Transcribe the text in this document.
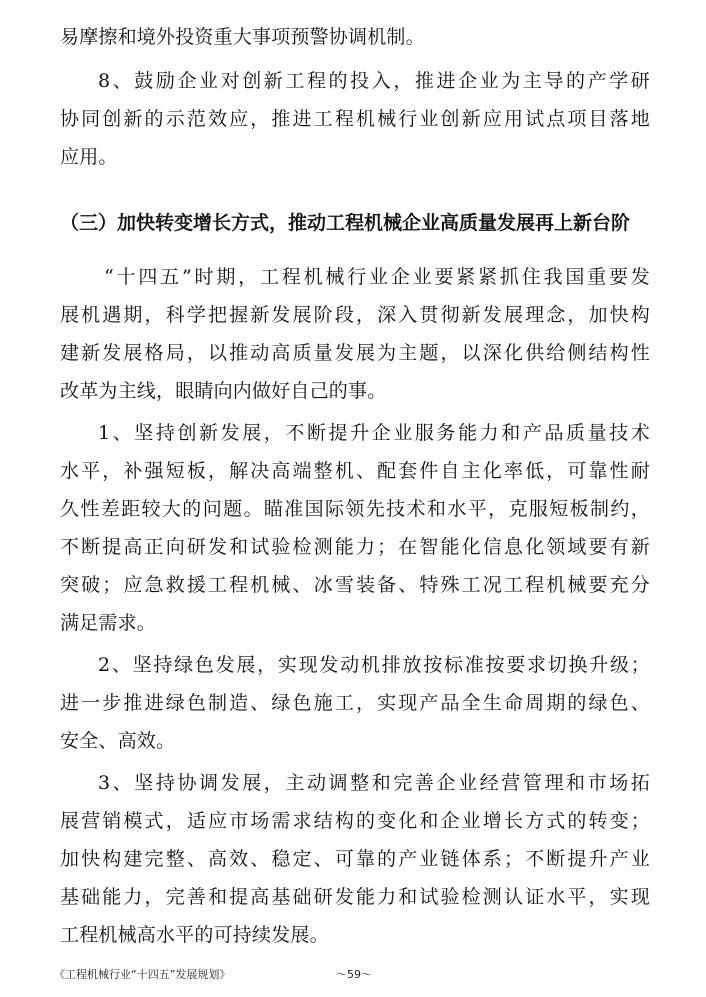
易摩擦和境外投资重大事项预警协调机制。
8、鼓励企业对创新工程的投入，推进企业为主导的产学研
协同创新的示范效应，推进工程机械行业创新应用试点项目落地
应用。
（三）加快转变增长方式，推动工程机械企业高质量发展再上新台阶
“十四五”时期，工程机械行业企业要紧紧抓住我国重要发
展机遇期，科学把握新发展阶段，深入贯彻新发展理念，加快构
建新发展格局，以推动高质量发展为主题，以深化供给侧结构性
改革为主线，眼睛向内做好自己的事。
1、坚持创新发展，不断提升企业服务能力和产品质量技术
水平，补强短板，解决高端整机、配套件自主化率低，可靠性耐
久性差距较大的问题。瞄准国际领先技术和水平，克服短板制约，
不断提高正向研发和试验检测能力；在智能化信息化领域要有新
突破；应急救援工程机械、冰雪装备、特殊工况工程机械要充分
满足需求。
2、坚持绿色发展，实现发动机排放按标准按要求切换升级；
进一步推进绿色制造、绿色施工，实现产品全生命周期的绿色、
安全、高效。
3、坚持协调发展，主动调整和完善企业经营管理和市场拓
展营销模式，适应市场需求结构的变化和企业增长方式的转变；
加快构建完整、高效、稳定、可靠的产业链体系；不断提升产业
基础能力，完善和提高基础研发能力和试验检测认证水平，实现
工程机械高水平的可持续发展。
《工程机械行业“十四五”发展规划》	～59～
